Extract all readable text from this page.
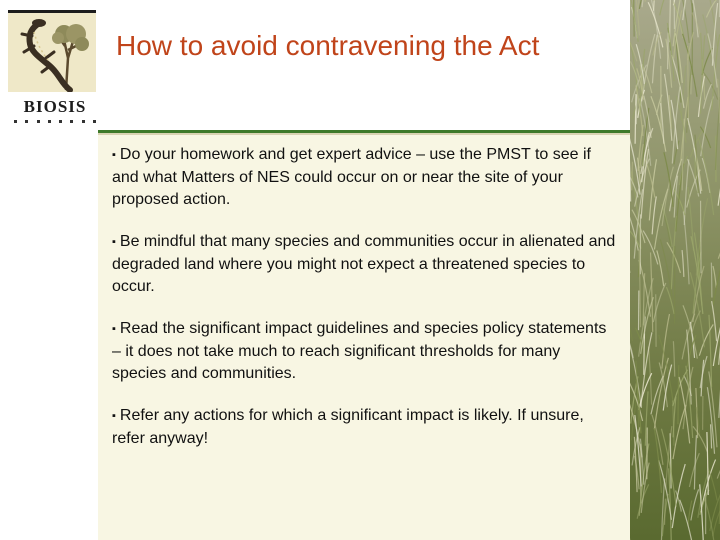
BIOSIS
How to avoid contravening the Act
▪ Do your homework and get expert advice – use the PMST to see if and what Matters of NES could occur on or near the site of your proposed action.
▪ Be mindful that many species and communities occur in alienated and degraded land where you might not expect a threatened species to occur.
▪ Read the significant impact guidelines and species policy statements – it does not take much to reach significant thresholds for many species and communities.
▪ Refer any actions for which a significant impact is likely. If unsure, refer anyway!
